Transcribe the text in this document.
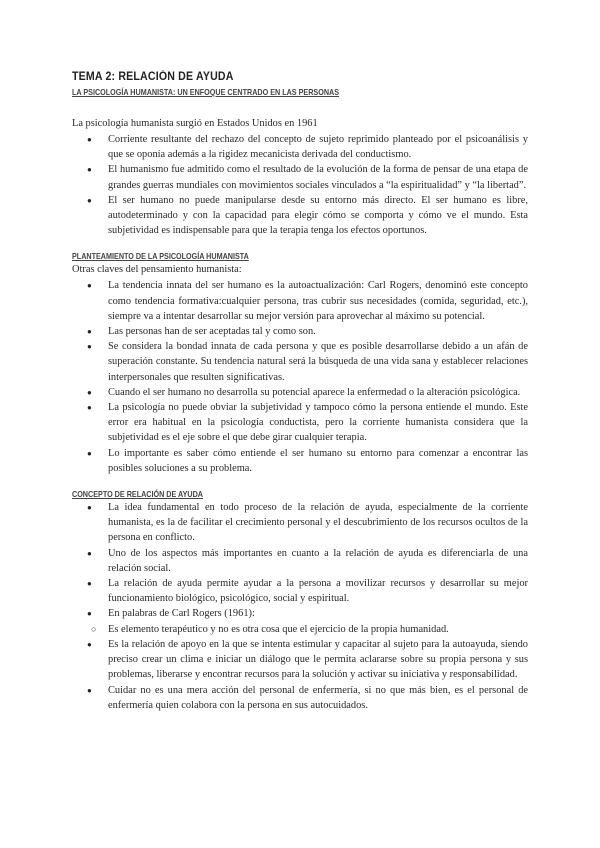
TEMA 2: RELACIÓN DE AYUDA
LA PSICOLOGÍA HUMANISTA: UN ENFOQUE CENTRADO EN LAS PERSONAS

La psicología humanista surgió en Estados Unidos en 1961

● Corriente resultante del rechazo del concepto de sujeto reprimido planteado por el psicoanálisis y que se oponía además a la rigidez mecanicista derivada del conductismo.
● El humanismo fue admitido como el resultado de la evolución de la forma de pensar de una etapa de grandes guerras mundiales con movimientos sociales vinculados a “la espiritualidad” y “la libertad”.
● El ser humano no puede manipularse desde su entorno más directo. El ser humano es libre, autodeterminado y con la capacidad para elegir cómo se comporta y cómo ve el mundo. Esta subjetividad es indispensable para que la terapia tenga los efectos oportunos.
PLANTEAMIENTO DE LA PSICOLOGÍA HUMANISTA

Otras claves del pensamiento humanista:

● La tendencia innata del ser humano es la autoactualización: Carl Rogers, denominó este concepto como tendencia formativa:cualquier persona, tras cubrir sus necesidades (comida, seguridad, etc.), siempre va a intentar desarrollar su mejor versión para aprovechar al máximo su potencial.
● Las personas han de ser aceptadas tal y como son.
● Se considera la bondad innata de cada persona y que es posible desarrollarse debido a un afán de superación constante. Su tendencia natural será la búsqueda de una vida sana y establecer relaciones interpersonales que resulten significativas.
● Cuando el ser humano no desarrolla su potencial aparece la enfermedad o la alteración psicológica.
● La psicología no puede obviar la subjetividad y tampoco cómo la persona entiende el mundo. Este error era habitual en la psicología conductista, pero la corriente humanista considera que la subjetividad es el eje sobre el que debe girar cualquier terapia.
● Lo importante es saber cómo entiende el ser humano su entorno para comenzar a encontrar las posibles soluciones a su problema.
CONCEPTO DE RELACIÓN DE AYUDA
● La idea fundamental en todo proceso de la relación de ayuda, especialmente de la corriente humanista, es la de facilitar el crecimiento personal y el descubrimiento de los recursos ocultos de la persona en conflicto.
● Uno de los aspectos más importantes en cuanto a la relación de ayuda es diferenciarla de una relación social.
● La relación de ayuda permite ayudar a la persona a movilizar recursos y desarrollar su mejor funcionamiento biológico, psicológico, social y espiritual.
● En palabras de Carl Rogers (1961):
○ Es elemento terapéutico y no es otra cosa que el ejercicio de la propia humanidad.
● Es la relación de apoyo en la que se intenta estimular y capacitar al sujeto para la autoayuda, siendo preciso crear un clima e iniciar un diálogo que le permita aclararse sobre su propia persona y sus problemas, liberarse y encontrar recursos para la solución y activar su iniciativa y responsabilidad.
● Cuidar no es una mera acción del personal de enfermería, si no que más bien, es el personal de enfermería quien colabora con la persona en sus autocuidados.
